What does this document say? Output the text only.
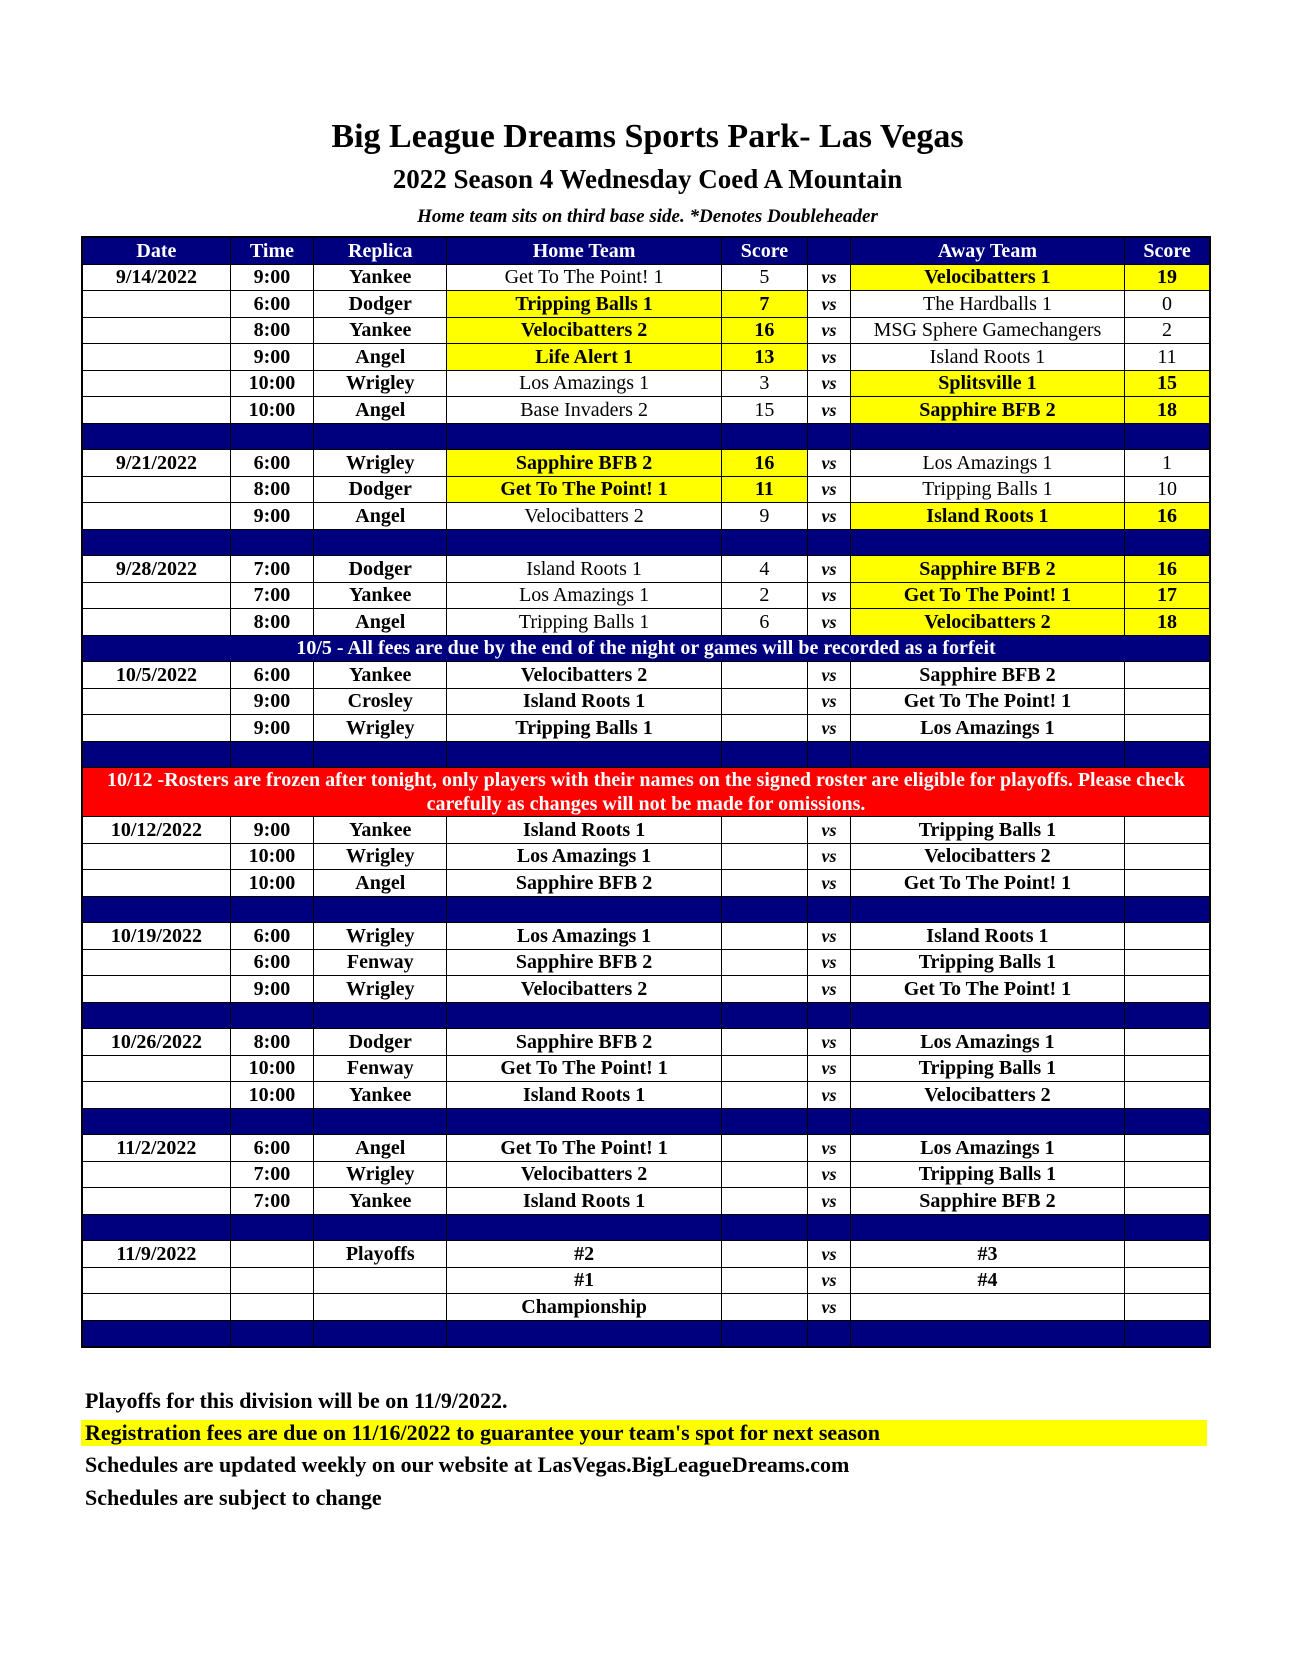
Big League Dreams Sports Park- Las Vegas
2022 Season 4 Wednesday Coed A Mountain
Home team sits on third base side. *Denotes Doubleheader
Date	Time	Replica	Home Team	Score		Away Team	Score
9/14/2022	9:00	Yankee	Get To The Point! 1	5	vs	Velocibatters 1	19
	6:00	Dodger	Tripping Balls 1	7	vs	The Hardballs 1	0
	8:00	Yankee	Velocibatters 2	16	vs	MSG Sphere Gamechangers	2
	9:00	Angel	Life Alert 1	13	vs	Island Roots 1	11
	10:00	Wrigley	Los Amazings 1	3	vs	Splitsville 1	15
	10:00	Angel	Base Invaders 2	15	vs	Sapphire BFB 2	18

9/21/2022	6:00	Wrigley	Sapphire BFB 2	16	vs	Los Amazings 1	1
	8:00	Dodger	Get To The Point! 1	11	vs	Tripping Balls 1	10
	9:00	Angel	Velocibatters 2	9	vs	Island Roots 1	16

9/28/2022	7:00	Dodger	Island Roots 1	4	vs	Sapphire BFB 2	16
	7:00	Yankee	Los Amazings 1	2	vs	Get To The Point! 1	17
	8:00	Angel	Tripping Balls 1	6	vs	Velocibatters 2	18
10/5 - All fees are due by the end of the night or games will be recorded as a forfeit							
10/5/2022	6:00	Yankee	Velocibatters 2		vs	Sapphire BFB 2	
	9:00	Crosley	Island Roots 1		vs	Get To The Point! 1	
	9:00	Wrigley	Tripping Balls 1		vs	Los Amazings 1	

10/12 -Rosters are frozen after tonight, only players with their names on the signed roster are eligible for playoffs. Please check carefully as changes will not be made for omissions.							
10/12/2022	9:00	Yankee	Island Roots 1		vs	Tripping Balls 1	
	10:00	Wrigley	Los Amazings 1		vs	Velocibatters 2	
	10:00	Angel	Sapphire BFB 2		vs	Get To The Point! 1	

10/19/2022	6:00	Wrigley	Los Amazings 1		vs	Island Roots 1	
	6:00	Fenway	Sapphire BFB 2		vs	Tripping Balls 1	
	9:00	Wrigley	Velocibatters 2		vs	Get To The Point! 1	

10/26/2022	8:00	Dodger	Sapphire BFB 2		vs	Los Amazings 1	
	10:00	Fenway	Get To The Point! 1		vs	Tripping Balls 1	
	10:00	Yankee	Island Roots 1		vs	Velocibatters 2	

11/2/2022	6:00	Angel	Get To The Point! 1		vs	Los Amazings 1	
	7:00	Wrigley	Velocibatters 2		vs	Tripping Balls 1	
	7:00	Yankee	Island Roots 1		vs	Sapphire BFB 2	

11/9/2022		Playoffs	#2		vs	#3	
			#1		vs	#4	
			Championship		vs		

Playoffs for this division will be on 11/9/2022.
Registration fees are due on 11/16/2022 to guarantee your team's spot for next season
Schedules are updated weekly on our website at LasVegas.BigLeagueDreams.com
Schedules are subject to change
